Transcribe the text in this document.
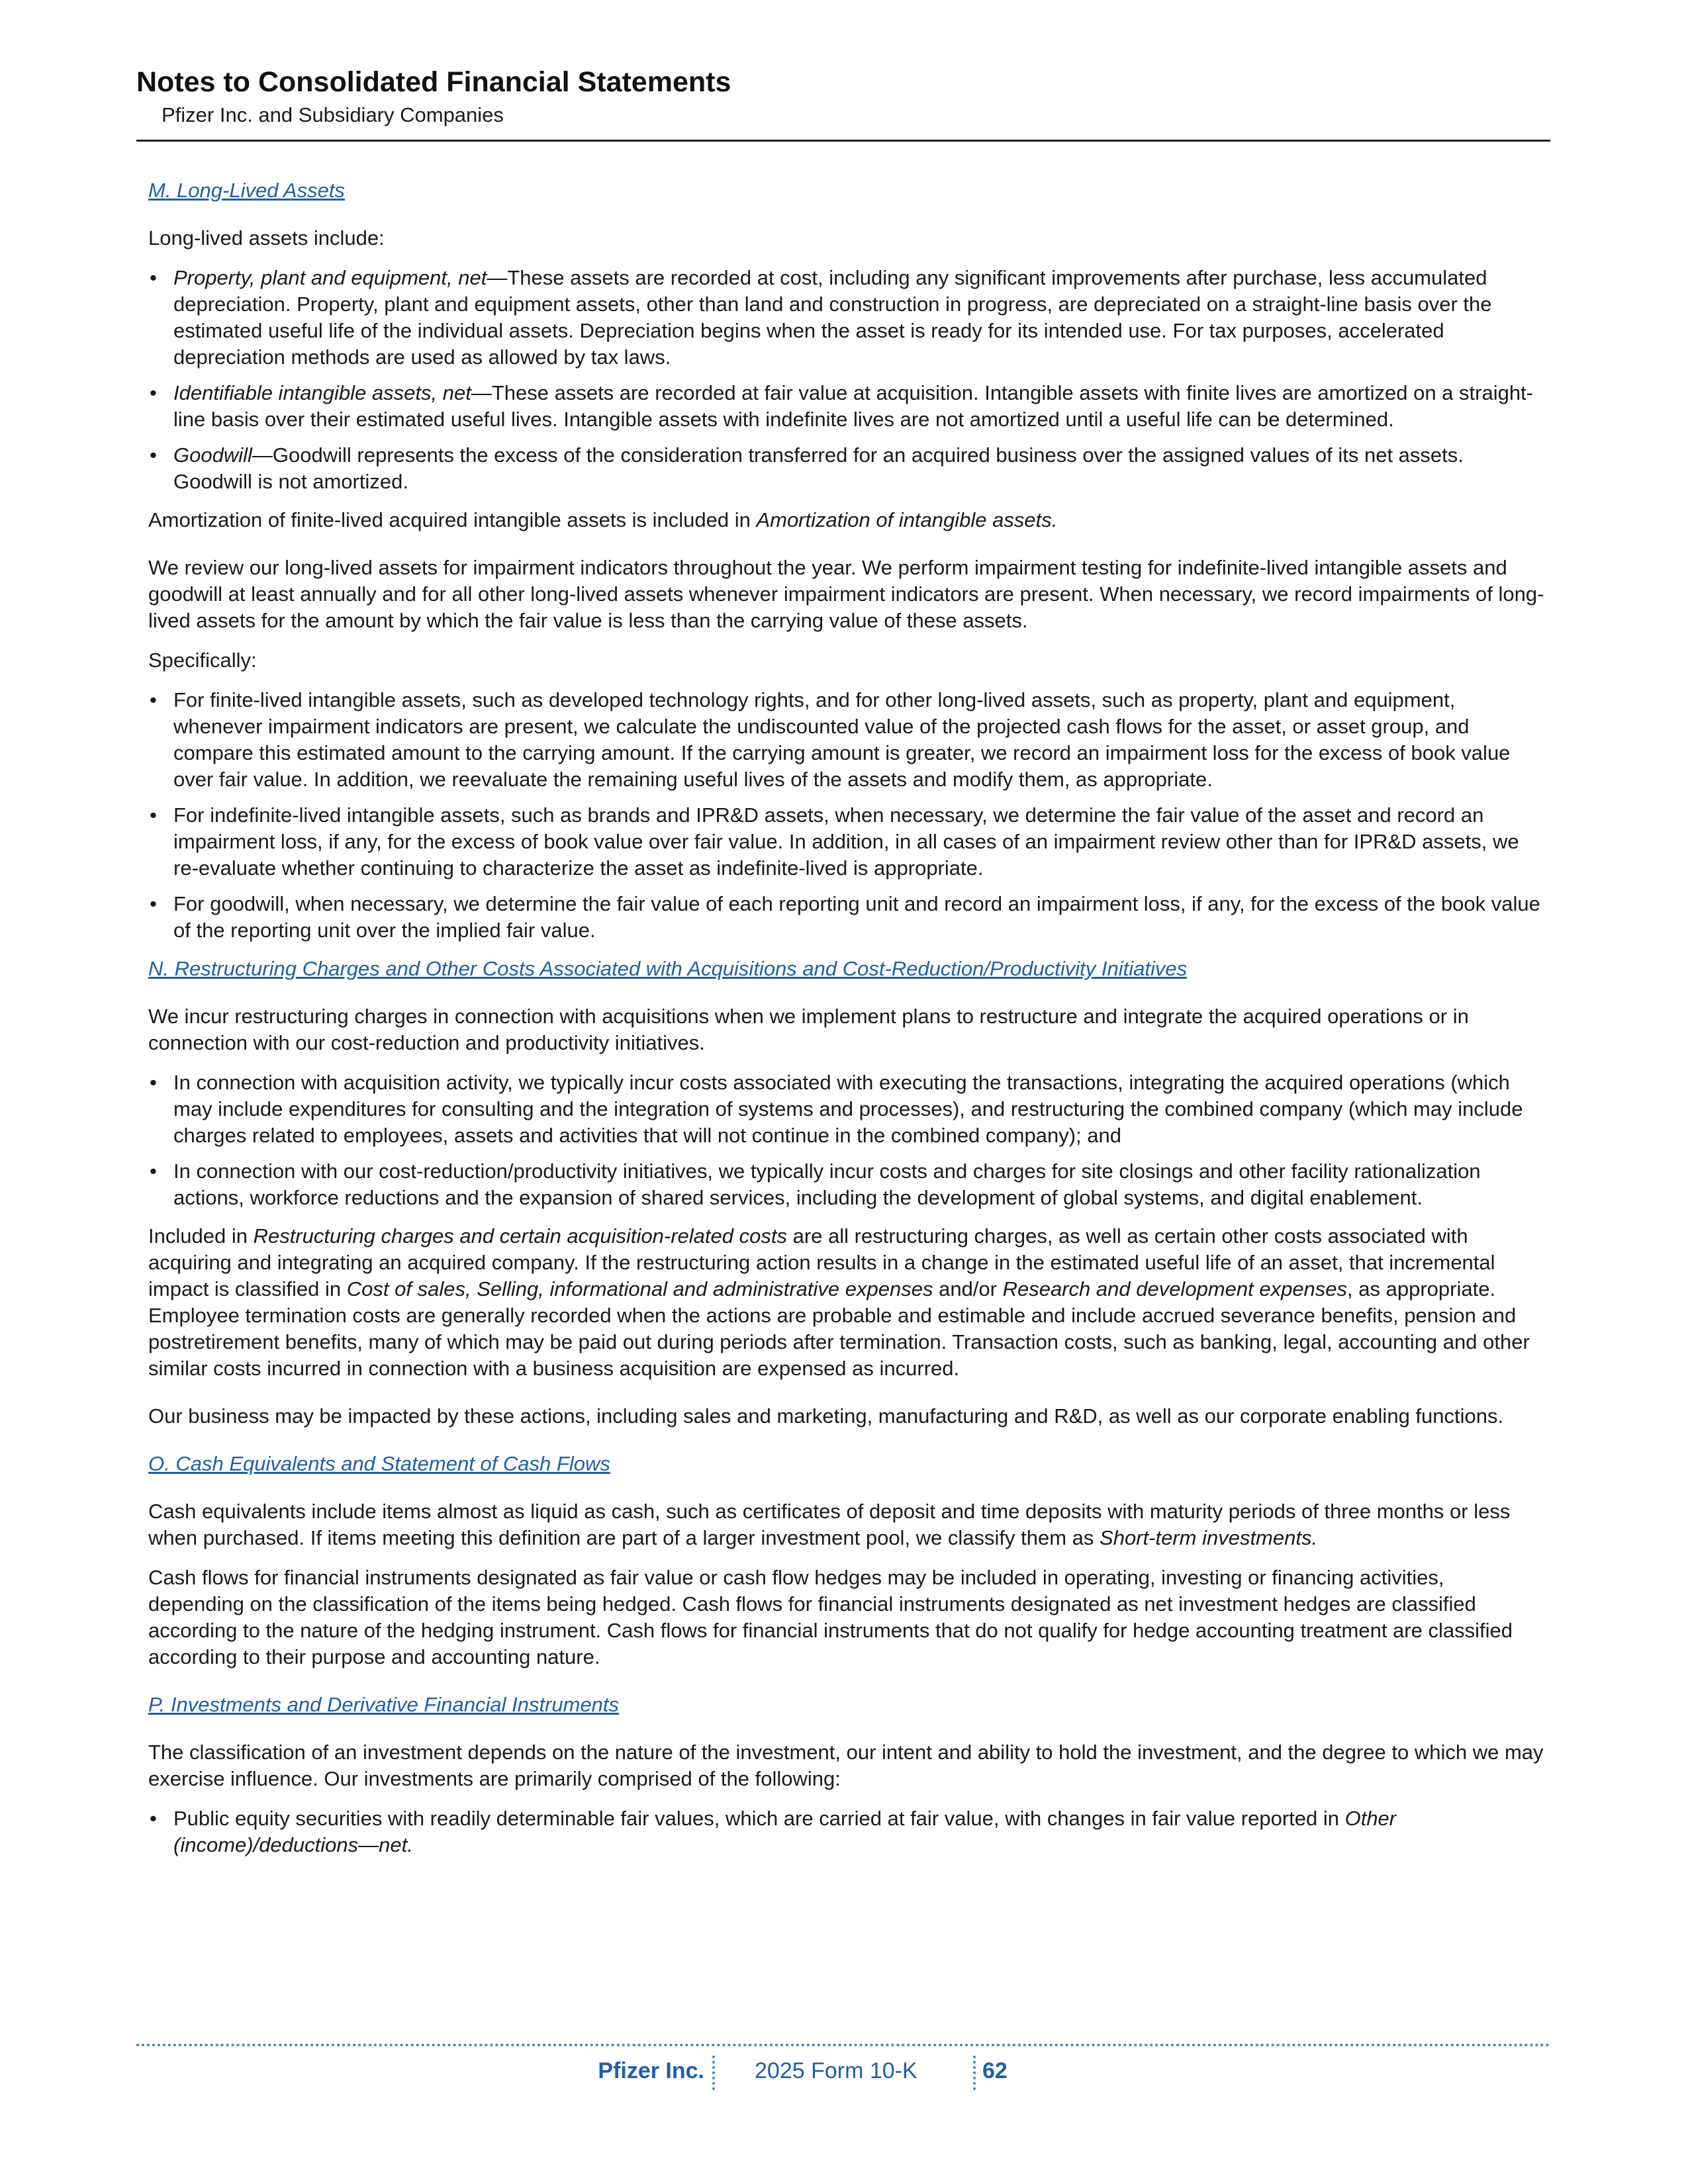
Notes to Consolidated Financial Statements
Pfizer Inc. and Subsidiary Companies
M. Long-Lived Assets

Long-lived assets include:

• Property, plant and equipment, net—These assets are recorded at cost, including any significant improvements after purchase, less accumulated depreciation. Property, plant and equipment assets, other than land and construction in progress, are depreciated on a straight-line basis over the estimated useful life of the individual assets. Depreciation begins when the asset is ready for its intended use. For tax purposes, accelerated depreciation methods are used as allowed by tax laws.
• Identifiable intangible assets, net—These assets are recorded at fair value at acquisition. Intangible assets with finite lives are amortized on a straight-line basis over their estimated useful lives. Intangible assets with indefinite lives are not amortized until a useful life can be determined.
• Goodwill—Goodwill represents the excess of the consideration transferred for an acquired business over the assigned values of its net assets. Goodwill is not amortized.

Amortization of finite-lived acquired intangible assets is included in Amortization of intangible assets.

We review our long-lived assets for impairment indicators throughout the year. We perform impairment testing for indefinite-lived intangible assets and goodwill at least annually and for all other long-lived assets whenever impairment indicators are present. When necessary, we record impairments of long-lived assets for the amount by which the fair value is less than the carrying value of these assets.

Specifically:

• For finite-lived intangible assets, such as developed technology rights, and for other long-lived assets, such as property, plant and equipment, whenever impairment indicators are present, we calculate the undiscounted value of the projected cash flows for the asset, or asset group, and compare this estimated amount to the carrying amount. If the carrying amount is greater, we record an impairment loss for the excess of book value over fair value. In addition, we reevaluate the remaining useful lives of the assets and modify them, as appropriate.
• For indefinite-lived intangible assets, such as brands and IPR&D assets, when necessary, we determine the fair value of the asset and record an impairment loss, if any, for the excess of book value over fair value. In addition, in all cases of an impairment review other than for IPR&D assets, we re-evaluate whether continuing to characterize the asset as indefinite-lived is appropriate.
• For goodwill, when necessary, we determine the fair value of each reporting unit and record an impairment loss, if any, for the excess of the book value of the reporting unit over the implied fair value.
N. Restructuring Charges and Other Costs Associated with Acquisitions and Cost-Reduction/Productivity Initiatives

We incur restructuring charges in connection with acquisitions when we implement plans to restructure and integrate the acquired operations or in connection with our cost-reduction and productivity initiatives.

• In connection with acquisition activity, we typically incur costs associated with executing the transactions, integrating the acquired operations (which may include expenditures for consulting and the integration of systems and processes), and restructuring the combined company (which may include charges related to employees, assets and activities that will not continue in the combined company); and
• In connection with our cost-reduction/productivity initiatives, we typically incur costs and charges for site closings and other facility rationalization actions, workforce reductions and the expansion of shared services, including the development of global systems, and digital enablement.

Included in Restructuring charges and certain acquisition-related costs are all restructuring charges, as well as certain other costs associated with acquiring and integrating an acquired company. If the restructuring action results in a change in the estimated useful life of an asset, that incremental impact is classified in Cost of sales, Selling, informational and administrative expenses and/or Research and development expenses, as appropriate. Employee termination costs are generally recorded when the actions are probable and estimable and include accrued severance benefits, pension and postretirement benefits, many of which may be paid out during periods after termination. Transaction costs, such as banking, legal, accounting and other similar costs incurred in connection with a business acquisition are expensed as incurred.

Our business may be impacted by these actions, including sales and marketing, manufacturing and R&D, as well as our corporate enabling functions.

O. Cash Equivalents and Statement of Cash Flows

Cash equivalents include items almost as liquid as cash, such as certificates of deposit and time deposits with maturity periods of three months or less when purchased. If items meeting this definition are part of a larger investment pool, we classify them as Short-term investments.

Cash flows for financial instruments designated as fair value or cash flow hedges may be included in operating, investing or financing activities, depending on the classification of the items being hedged. Cash flows for financial instruments designated as net investment hedges are classified according to the nature of the hedging instrument. Cash flows for financial instruments that do not qualify for hedge accounting treatment are classified according to their purpose and accounting nature.

P. Investments and Derivative Financial Instruments

The classification of an investment depends on the nature of the investment, our intent and ability to hold the investment, and the degree to which we may exercise influence. Our investments are primarily comprised of the following:

• Public equity securities with readily determinable fair values, which are carried at fair value, with changes in fair value reported in Other (income)/deductions—net.
Pfizer Inc. 2025 Form 10-K	62
